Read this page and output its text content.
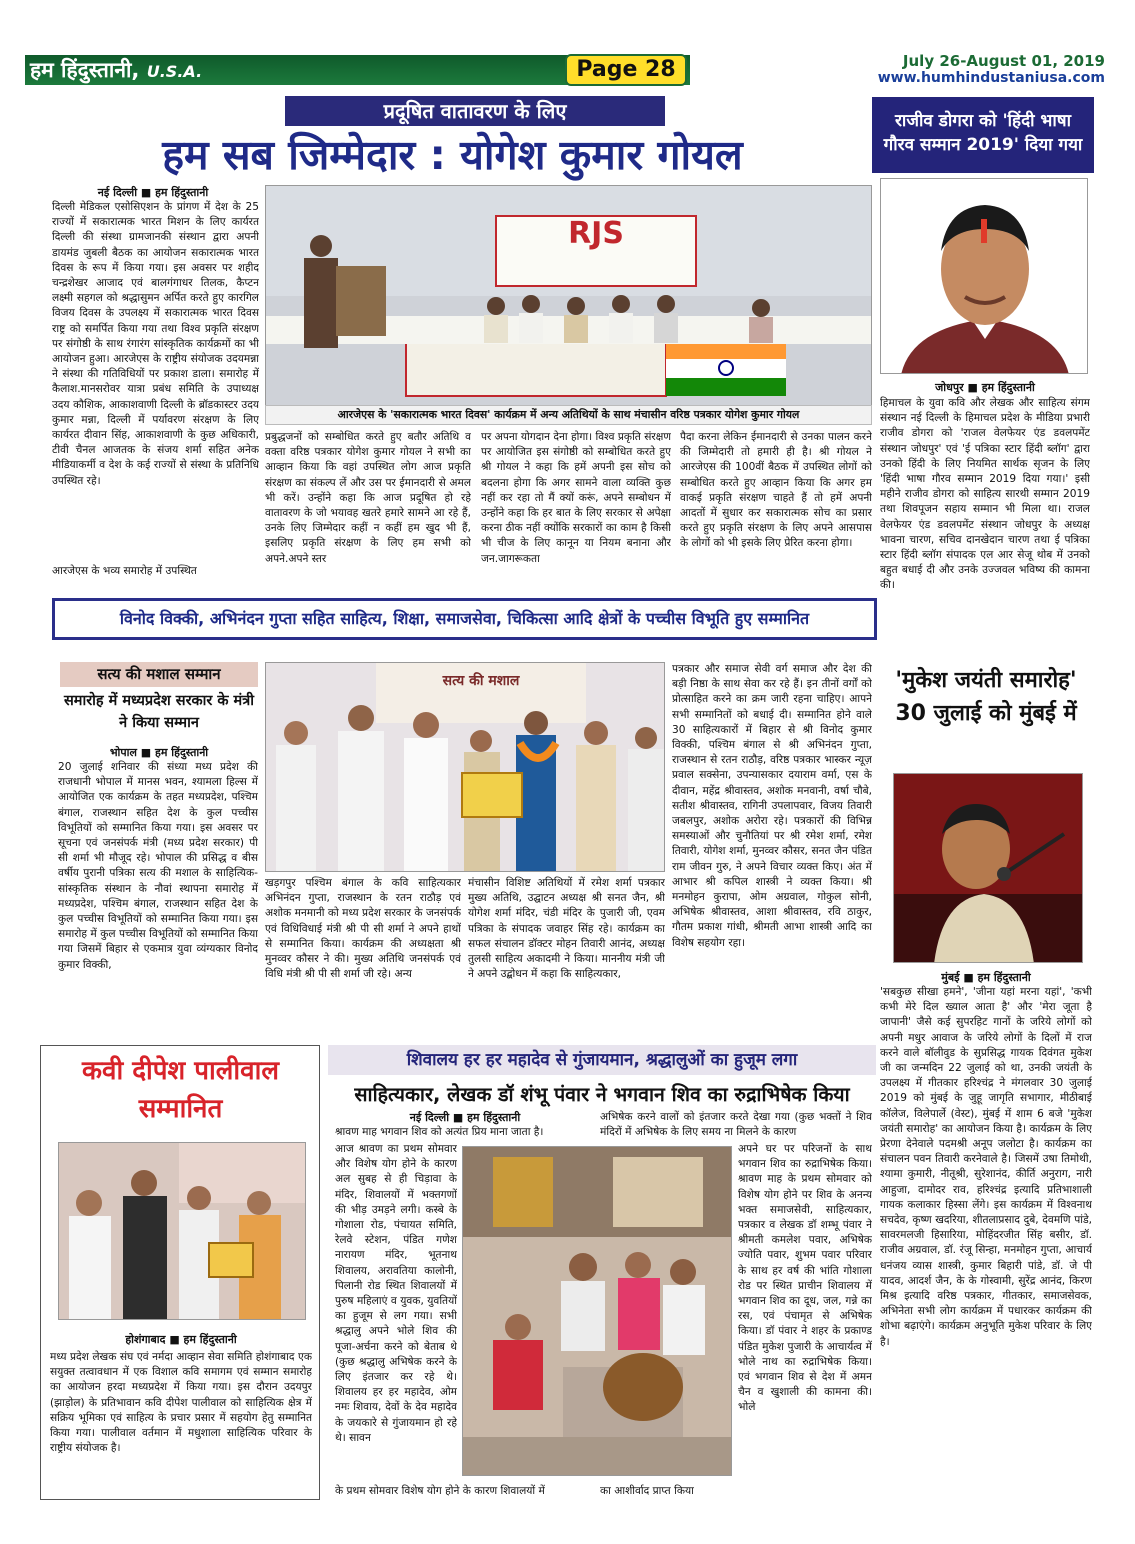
हम हिंदुस्तानी, U.S.A.	Page 28	July 26-August 01, 2019
www.humhindustaniusa.com
प्रदूषित वातावरण के लिए
हम सब जिम्मेदार : योगेश कुमार गोयल
नई दिल्ली ■ हम हिंदुस्तानी
दिल्ली मेडिकल एसोसिएशन के प्रांगण में देश के 25 राज्यों में सकारात्मक भारत मिशन के लिए कार्यरत दिल्ली की संस्था ग्रामजानकी संस्थान द्वारा अपनी डायमंड जुबली बैठक का आयोजन सकारात्मक भारत दिवस के रूप में किया गया। इस अवसर पर शहीद चन्द्रशेखर आजाद एवं बालगंगाधर तिलक, कैप्टन लक्ष्मी सहगल को श्रद्धासुमन अर्पित करते हुए कारगिल विजय दिवस के उपलक्ष्य में सकारात्मक भारत दिवस राष्ट्र को समर्पित किया गया तथा विश्व प्रकृति संरक्षण पर संगोष्ठी के साथ रंगारंग सांस्कृतिक कार्यक्रमों का भी आयोजन हुआ। आरजेएस के राष्ट्रीय संयोजक उदयमन्ना ने संस्था की गतिविधियों पर प्रकाश डाला। समारोह में कैलाश.मानसरोवर यात्रा प्रबंध समिति के उपाध्यक्ष उदय कौशिक, आकाशवाणी दिल्ली के ब्रॉडकास्टर उदय कुमार मन्ना, दिल्ली में पर्यावरण संरक्षण के लिए कार्यरत दीवान सिंह, आकाशवाणी के कुछ अधिकारी, टीवी चैनल आजतक के संजय शर्मा सहित अनेक मीडियाकर्मी व देश के कई राज्यों से संस्था के प्रतिनिधि उपस्थित रहे।
आरजेएस के भव्य समारोह में उपस्थित
RJS
आरजेएस के 'सकारात्मक भारत दिवस' कार्यक्रम में अन्य अतिथियों के साथ मंचासीन वरिष्ठ पत्रकार योगेश कुमार गोयल
प्रबुद्धजनों को सम्बोधित करते हुए बतौर अतिथि व वक्ता वरिष्ठ पत्रकार योगेश कुमार गोयल ने सभी का आव्हान किया कि वहां उपस्थित लोग आज प्रकृति संरक्षण का संकल्प लें और उस पर ईमानदारी से अमल भी करें। उन्होंने कहा कि आज प्रदूषित हो रहे वातावरण के जो भयावह खतरे हमारे सामने आ रहे हैं, उनके लिए जिम्मेदार कहीं न कहीं हम खुद भी हैं, इसलिए प्रकृति संरक्षण के लिए हम सभी को अपने.अपने स्तर
पर अपना योगदान देना होगा। विश्व प्रकृति संरक्षण पर आयोजित इस संगोष्ठी को सम्बोधित करते हुए श्री गोयल ने कहा कि हमें अपनी इस सोच को बदलना होगा कि अगर सामने वाला व्यक्ति कुछ नहीं कर रहा तो मैं क्यों करूं, अपने सम्बोधन में उन्होंने कहा कि हर बात के लिए सरकार से अपेक्षा करना ठीक नहीं क्योंकि सरकारों का काम है किसी भी चीज के लिए कानून या नियम बनाना और जन.जागरूकता
पैदा करना लेकिन ईमानदारी से उनका पालन करने की जिम्मेदारी तो हमारी ही है। श्री गोयल ने आरजेएस की 100वीं बैठक में उपस्थित लोगों को सम्बोधित करते हुए आव्हान किया कि अगर हम वाकई प्रकृति संरक्षण चाहते हैं तो हमें अपनी आदतों में सुधार कर सकारात्मक सोच का प्रसार करते हुए प्रकृति संरक्षण के लिए अपने आसपास के लोगों को भी इसके लिए प्रेरित करना होगा।
राजीव डोगरा को 'हिंदी भाषा गौरव सम्मान 2019' दिया गया
जोधपुर ■ हम हिंदुस्तानी
हिमाचल के युवा कवि और लेखक और साहित्य संगम संस्थान नई दिल्ली के हिमाचल प्रदेश के मीडिया प्रभारी राजीव डोगरा को 'राजल वेलफेयर एंड डवलपमेंट संस्थान जोधपुर' एवं 'ई पत्रिका स्टार हिंदी ब्लॉग' द्वारा उनको हिंदी के लिए नियमित सार्थक सृजन के लिए 'हिंदी भाषा गौरव सम्मान 2019 दिया गया।' इसी महीने राजीव डोगरा को साहित्य सारथी सम्मान 2019 तथा शिवपूजन सहाय सम्मान भी मिला था। राजल वेलफेयर एंड डवलपमेंट संस्थान जोधपुर के अध्यक्ष भावना चारण, सचिव दानखेदान चारण तथा ई पत्रिका स्टार हिंदी ब्लॉग संपादक एल आर सेजू थोब में उनको बहुत बधाई दी और उनके उज्जवल भविष्य की कामना की।
'मुकेश जयंती समारोह' 30 जुलाई को मुंबई में
मुंबई ■ हम हिंदुस्तानी
'सबकुछ सीखा हमने', 'जीना यहां मरना यहां', 'कभी कभी मेरे दिल ख्याल आता है' और 'मेरा जूता है जापानी' जैसे कई सुपरहिट गानों के जरिये लोगों को अपनी मधुर आवाज के जरिये लोगों के दिलों में राज करने वाले बॉलीवुड के सुप्रसिद्ध गायक दिवंगत मुकेश जी का जन्मदिन 22 जुलाई को था, उनकी जयंती के उपलक्ष्य में गीतकार हरिश्चंद्र ने मंगलवार 30 जुलाई 2019 को मुंबई के जुहू जागृति सभागार, मीठीबाई कॉलेज, विलेपार्ले (वेस्ट), मुंबई में शाम 6 बजे 'मुकेश जयंती समारोह' का आयोजन किया है। कार्यक्रम के लिए प्रेरणा देनेवाले पदमश्री अनूप जलोटा है। कार्यक्रम का संचालन पवन तिवारी करनेवाले है। जिसमें उषा तिमोथी, श्यामा कुमारी, नीतूश्री, सुरेशानंद, कीर्ति अनुराग, नारी आहुजा, दामोदर राव, हरिश्चंद्र इत्यादि प्रतिभाशाली गायक कलाकार हिस्सा लेंगे। इस कार्यक्रम में विश्वनाथ सचदेव, कृष्ण खदरिया, शीतलाप्रसाद दुबे, देवमणि पांडे, सावरमलजी हिसारिया, मोहिंदरजीत सिंह बसीर, डॉ. राजीव अग्रवाल, डॉ. रंजू सिन्हा, मनमोहन गुप्ता, आचार्य धनंजय व्यास शास्त्री, कुमार बिहारी पांडे, डॉ. जे पी यादव, आदर्श जैन, के के गोस्वामी, सुरेंद्र आनंद, किरण मिश्र इत्यादि वरिष्ठ पत्रकार, गीतकार, समाजसेवक, अभिनेता सभी लोग कार्यक्रम में पधारकर कार्यक्रम की शोभा बढ़ाएंगे। कार्यक्रम अनुभूति मुकेश परिवार के लिए है।
विनोद विक्की, अभिनंदन गुप्ता सहित साहित्य, शिक्षा, समाजसेवा, चिकित्सा आदि क्षेत्रों के पच्चीस विभूति हुए सम्मानित
सत्य की मशाल सम्मान
समारोह में मध्यप्रदेश सरकार के मंत्री ने किया सम्मान
भोपाल ■ हम हिंदुस्तानी
20 जुलाई शनिवार की संध्या मध्य प्रदेश की राजधानी भोपाल में मानस भवन, श्यामला हिल्स में आयोजित एक कार्यक्रम के तहत मध्यप्रदेश, पश्चिम बंगाल, राजस्थान सहित देश के कुल पच्चीस विभूतियों को सम्मानित किया गया। इस अवसर पर सूचना एवं जनसंपर्क मंत्री (मध्य प्रदेश सरकार) पी सी शर्मा भी मौजूद रहे। भोपाल की प्रसिद्ध व बीस वर्षीय पुरानी पत्रिका सत्य की मशाल के साहित्यिक-सांस्कृतिक संस्थान के नौवां स्थापना समारोह में मध्यप्रदेश, पश्चिम बंगाल, राजस्थान सहित देश के कुल पच्चीस विभूतियों को सम्मानित किया गया। इस समारोह में कुल पच्चीस विभूतियों को सम्मानित किया गया जिसमें बिहार से एकमात्र युवा व्यंग्यकार विनोद कुमार विक्की,
सत्य की मशाल
खड़गपुर पश्चिम बंगाल के कवि साहित्यकार अभिनंदन गुप्ता, राजस्थान के रतन राठौड़ एवं अशोक मनमानी को मध्य प्रदेश सरकार के जनसंपर्क एवं विधिविधाई मंत्री श्री पी सी शर्मा ने अपने हाथों से सम्मानित किया। कार्यक्रम की अध्यक्षता श्री मुनव्वर कौसर ने की। मुख्य अतिथि जनसंपर्क एवं विधि मंत्री श्री पी सी शर्मा जी रहे। अन्य
मंचासीन विशिष्ट अतिथियों में रमेश शर्मा पत्रकार मुख्य अतिथि, उद्घाटन अध्यक्ष श्री सनत जैन, श्री योगेश शर्मा मंदिर, चंडी मंदिर के पुजारी जी, एवम पत्रिका के संपादक जवाहर सिंह रहे। कार्यक्रम का सफल संचालन डॉक्टर मोहन तिवारी आनंद, अध्यक्ष तुलसी साहित्य अकादमी ने किया। माननीय मंत्री जी ने अपने उद्बोधन में कहा कि साहित्यकार,
पत्रकार और समाज सेवी वर्ग समाज और देश की बड़ी निष्ठा के साथ सेवा कर रहे हैं। इन तीनों वर्गों को प्रोत्साहित करने का क्रम जारी रहना चाहिए। आपने सभी सम्मानितों को बधाई दी। सम्मानित होने वाले 30 साहित्यकारों में बिहार से श्री विनोद कुमार विक्की, पश्चिम बंगाल से श्री अभिनंदन गुप्ता, राजस्थान से रतन राठौड़, वरिष्ठ पत्रकार भास्कर न्यूज़ प्रवाल सक्सेना, उपन्यासकार दयाराम वर्मा, एस के दीवान, महेंद्र श्रीवास्तव, अशोक मनवानी, वर्षा चौबे, सतीश श्रीवास्तव, रागिनी उपलापवार, विजय तिवारी जबलपुर, अशोक अरोरा रहे। पत्रकारों की विभिन्न समस्याओं और चुनौतियां पर श्री रमेश शर्मा, रमेश तिवारी, योगेश शर्मा, मुनव्वर कौसर, सनत जैन पंडित राम जीवन गुरु, ने अपने विचार व्यक्त किए। अंत में आभार श्री कपिल शास्त्री ने व्यक्त किया। श्री मनमोहन कुरापा, ओम अग्रवाल, गोकुल सोनी, अभिषेक श्रीवास्तव, आशा श्रीवास्तव, रवि ठाकुर, गौतम प्रकाश गांधी, श्रीमती आभा शास्त्री आदि का विशेष सहयोग रहा।
कवी दीपेश पालीवाल सम्मानित
होशंगाबाद ■ हम हिंदुस्तानी
मध्य प्रदेश लेखक संघ एवं नर्मदा आव्हान सेवा समिति होशंगाबाद एक सयुक्त तत्वावधान में एक विशाल कवि समागम एवं सम्मान समारोह का आयोजन हरदा मध्यप्रदेश में किया गया। इस दौरान उदयपुर (झाड़ोल) के प्रतिभावान कवि दीपेश पालीवाल को साहित्यिक क्षेत्र में सक्रिय भूमिका एवं साहित्य के प्रचार प्रसार में सहयोग हेतु सम्मानित किया गया। पालीवाल वर्तमान में मधुशाला साहित्यिक परिवार के राष्ट्रीय संयोजक है।
शिवालय हर हर महादेव से गुंजायमान, श्रद्धालुओं का हुजूम लगा
साहित्यकार, लेखक डॉ शंभू पंवार ने भगवान शिव का रुद्राभिषेक किया
नई दिल्ली ■ हम हिंदुस्तानी
श्रावण माह भगवान शिव को अत्यंत प्रिय माना जाता है।
अभिषेक करने वालों को इंतजार करते देखा गया (कुछ भक्तों ने शिव मंदिरों में अभिषेक के लिए समय ना मिलने के कारण
आज श्रावण का प्रथम सोमवार और विशेष योग होने के कारण अल सुबह से ही चिड़ावा के मंदिर, शिवालयों में भक्तगणों की भीड़ उमड़ने लगी। कस्बे के गोशाला रोड, पंचायत समिति, रेलवे स्टेशन, पंडित गणेश नारायण मंदिर, भूतनाथ शिवालय, अरावतिया कालोनी, पिलानी रोड स्थित शिवालयों में पुरुष महिलाएं व युवक, युवतियों का हुजूम से लग गया। सभी श्रद्धालु अपने भोले शिव की पूजा-अर्चना करने को बेताब थे (कुछ श्रद्धालु अभिषेक करने के लिए इंतजार कर रहे थे। शिवालय हर हर महादेव, ओम नमः शिवाय, देवों के देव महादेव के जयकारे से गुंजायमान हो रहे थे। सावन
के प्रथम सोमवार विशेष योग होने के कारण शिवालयों में
अपने घर पर परिजनों के साथ भगवान शिव का रुद्राभिषेक किया। श्रावण माह के प्रथम सोमवार को विशेष योग होने पर शिव के अनन्य भक्त समाजसेवी, साहित्यकार, पत्रकार व लेखक डॉ शम्भू पंवार ने श्रीमती कमलेश पवार, अभिषेक ज्योति पवार, शुभम पवार परिवार के साथ हर वर्ष की भांति गोशाला रोड पर स्थित प्राचीन शिवालय में भगवान शिव का दूध, जल, गन्ने का रस, एवं पंचामृत से अभिषेक किया। डॉ पंवार ने शहर के प्रकाण्ड पंडित मुकेश पुजारी के आचार्यत्व में भोले नाथ का रुद्राभिषेक किया। एवं भगवान शिव से देश में अमन चैन व खुशाली की कामना की। भोले
का आशीर्वाद प्राप्त किया
